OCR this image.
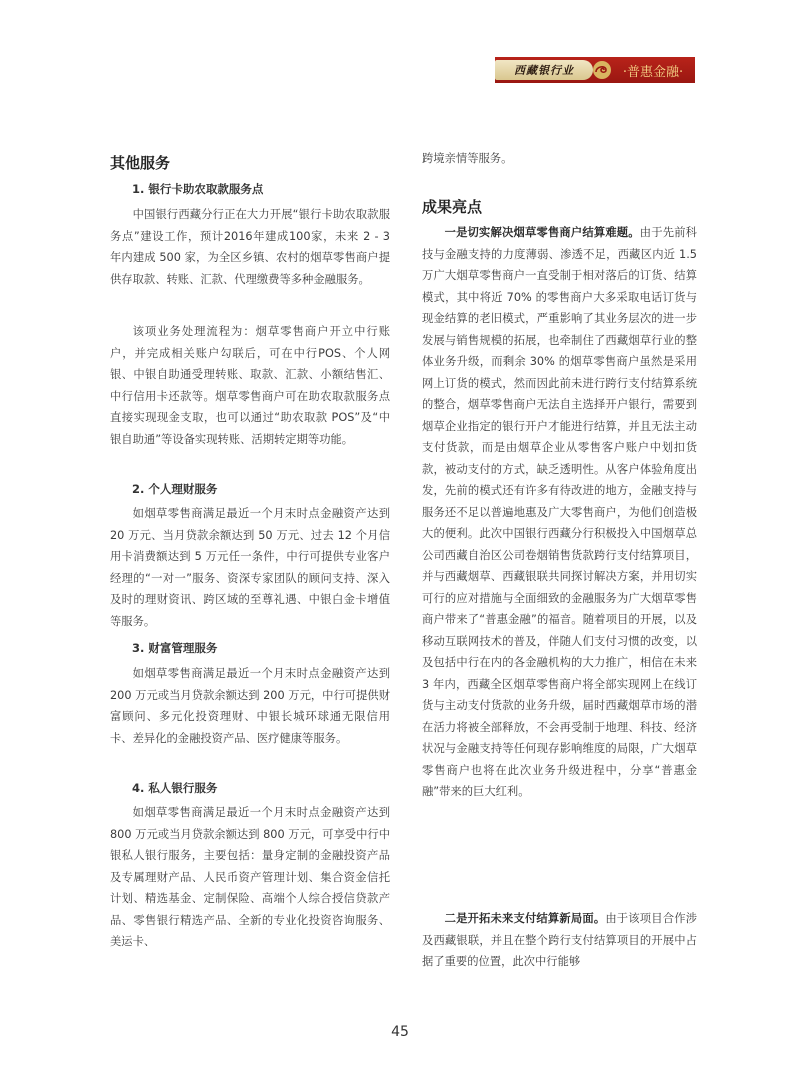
西藏银行业	·普惠金融·
其他服务
1. 银行卡助农取款服务点

中国银行西藏分行正在大力开展“银行卡助农取款服务点”建设工作，预计2016年建成100家，未来 2 - 3 年内建成 500 家，为全区乡镇、农村的烟草零售商户提供存取款、转账、汇款、代理缴费等多种金融服务。

该项业务处理流程为：烟草零售商户开立中行账户，并完成相关账户勾联后，可在中行POS、个人网银、中银自助通受理转账、取款、汇款、小额结售汇、中行信用卡还款等。烟草零售商户可在助农取款服务点直接实现现金支取，也可以通过“助农取款 POS”及“中银自助通”等设备实现转账、活期转定期等功能。

2. 个人理财服务

如烟草零售商满足最近一个月末时点金融资产达到 20 万元、当月贷款余额达到 50 万元、过去 12 个月信用卡消费额达到 5 万元任一条件，中行可提供专业客户经理的“一对一”服务、资深专家团队的顾问支持、深入及时的理财资讯、跨区域的至尊礼遇、中银白金卡增值等服务。

3. 财富管理服务

如烟草零售商满足最近一个月末时点金融资产达到 200 万元或当月贷款余额达到 200 万元，中行可提供财富顾问、多元化投资理财、中银长城环球通无限信用卡、差异化的金融投资产品、医疗健康等服务。

4. 私人银行服务

如烟草零售商满足最近一个月末时点金融资产达到 800 万元或当月贷款余额达到 800 万元，可享受中行中银私人银行服务，主要包括：量身定制的金融投资产品及专属理财产品、人民币资产管理计划、集合资金信托计划、精选基金、定制保险、高端个人综合授信贷款产品、零售银行精选产品、全新的专业化投资咨询服务、美运卡、

跨境亲情等服务。

成果亮点

一是切实解决烟草零售商户结算难题。由于先前科技与金融支持的力度薄弱、渗透不足，西藏区内近 1.5 万广大烟草零售商户一直受制于相对落后的订货、结算模式，其中将近 70% 的零售商户大多采取电话订货与现金结算的老旧模式，严重影响了其业务层次的进一步发展与销售规模的拓展，也牵制住了西藏烟草行业的整体业务升级，而剩余 30% 的烟草零售商户虽然是采用网上订货的模式，然而因此前未进行跨行支付结算系统的整合，烟草零售商户无法自主选择开户银行，需要到烟草企业指定的银行开户才能进行结算，并且无法主动支付货款，而是由烟草企业从零售客户账户中划扣货款，被动支付的方式，缺乏透明性。从客户体验角度出发，先前的模式还有许多有待改进的地方，金融支持与服务还不足以普遍地惠及广大零售商户，为他们创造极大的便利。此次中国银行西藏分行积极投入中国烟草总公司西藏自治区公司卷烟销售货款跨行支付结算项目，并与西藏烟草、西藏银联共同探讨解决方案，并用切实可行的应对措施与全面细致的金融服务为广大烟草零售商户带来了“普惠金融”的福音。随着项目的开展，以及移动互联网技术的普及，伴随人们支付习惯的改变，以及包括中行在内的各金融机构的大力推广，相信在未来 3 年内，西藏全区烟草零售商户将全部实现网上在线订货与主动支付货款的业务升级，届时西藏烟草市场的潜在活力将被全部释放，不会再受制于地理、科技、经济状况与金融支持等任何现存影响维度的局限，广大烟草零售商户也将在此次业务升级进程中，分享“普惠金融”带来的巨大红利。

二是开拓未来支付结算新局面。由于该项目合作涉及西藏银联，并且在整个跨行支付结算项目的开展中占据了重要的位置，此次中行能够

45
